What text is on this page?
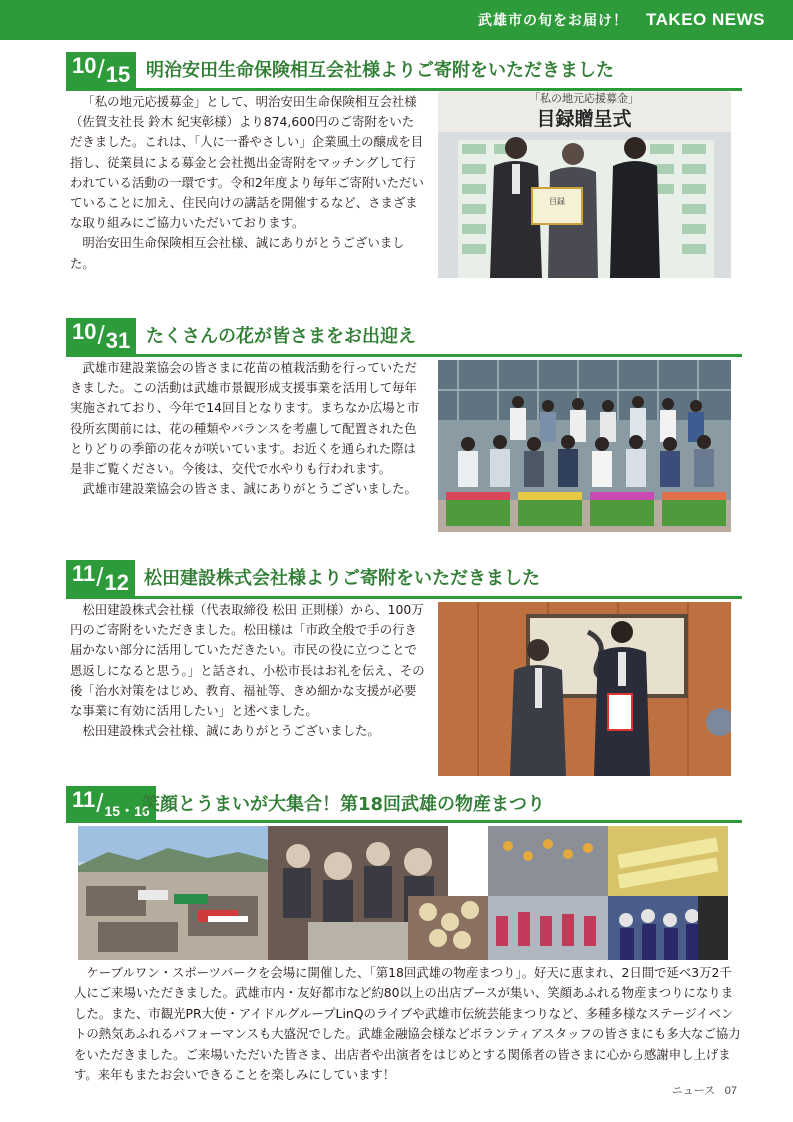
武雄市の旬をお届け！ TAKEO NEWS
10 / 15 明治安田生命保険相互会社様よりご寄附をいただきました

「私の地元応援募金」として、明治安田生命保険相互会社様（佐賀支社長 鈴木 紀実彰様）より874,600円のご寄附をいただきました。これは、「人に一番やさしい」企業風土の醸成を目指し、従業員による募金と会社拠出金寄附をマッチングして行われている活動の一環です。令和2年度より毎年ご寄附いただいていることに加え、住民向けの講話を開催するなど、さまざまな取り組みにご協力いただいております。

明治安田生命保険相互会社様、誠にありがとうございました。

「私の地元応援募金」
目録贈呈式
目録
10 / 31 たくさんの花が皆さまをお出迎え

武雄市建設業協会の皆さまに花苗の植栽活動を行っていただきました。この活動は武雄市景観形成支援事業を活用して毎年実施されており、今年で14回目となります。まちなか広場と市役所玄関前には、花の種類やバランスを考慮して配置された色とりどりの季節の花々が咲いています。お近くを通られた際は是非ご覧ください。今後は、交代で水やりも行われます。

武雄市建設業協会の皆さま、誠にありがとうございました。

11 / 12 松田建設株式会社様よりご寄附をいただきました

松田建設株式会社様（代表取締役 松田 正則様）から、100万円のご寄附をいただきました。松田様は「市政全般で手の行き届かない部分に活用していただきたい。市民の役に立つことで恩返しになると思う。」と話され、小松市長はお礼を伝え、その後「治水対策をはじめ、教育、福祉等、きめ細かな支援が必要な事業に有効に活用したい」と述べました。

松田建設株式会社様、誠にありがとうございました。

11 / 15・16
笑顔とうまいが大集合！第18回武雄の物産まつり
ケーブルワン・スポーツパークを会場に開催した、「第18回武雄の物産まつり」。好天に恵まれ、2日間で延べ3万2千人にご来場いただきました。武雄市内・友好都市など約80以上の出店ブースが集い、笑顔あふれる物産まつりになりました。また、市観光PR大使・アイドルグループLinQのライブや武雄市伝統芸能まつりなど、多種多様なステージイベントの熱気あふれるパフォーマンスも大盛況でした。武雄金融協会様などボランティアスタッフの皆さまにも多大なご協力をいただきました。ご来場いただいた皆さま、出店者や出演者をはじめとする関係者の皆さまに心から感謝申し上げます。来年もまたお会いできることを楽しみにしています！
ニュース 07
